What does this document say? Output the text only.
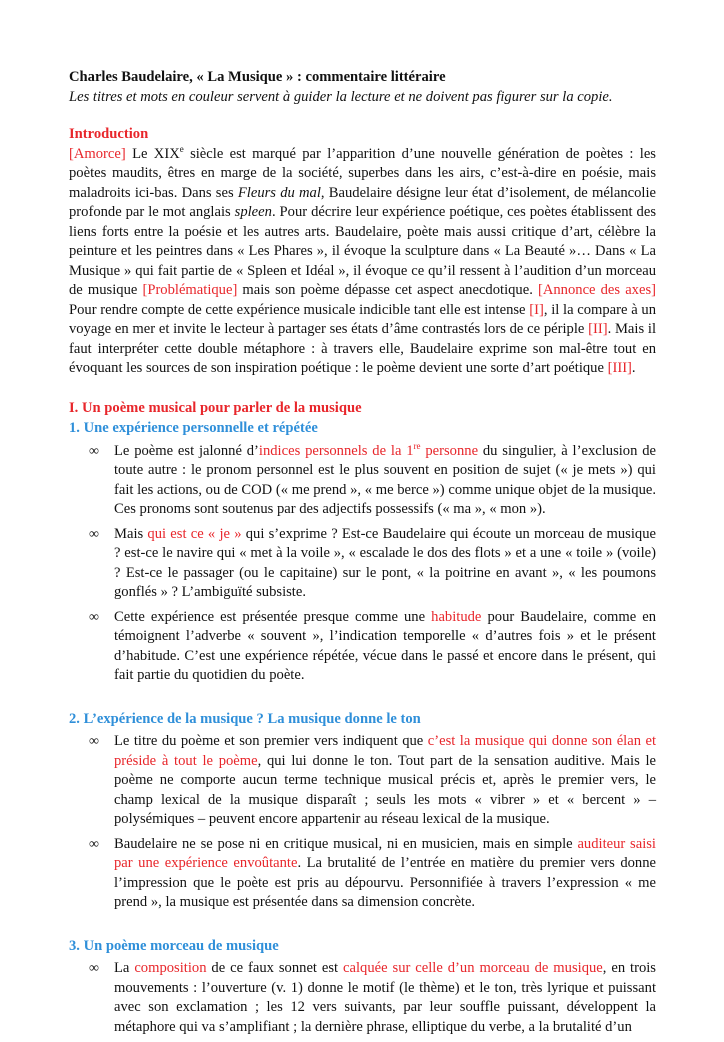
Charles Baudelaire, « La Musique » : commentaire littéraire
Les titres et mots en couleur servent à guider la lecture et ne doivent pas figurer sur la copie.
Introduction

[Amorce] Le XIXe siècle est marqué par l’apparition d’une nouvelle génération de poètes : les poètes maudits, êtres en marge de la société, superbes dans les airs, c’est-à-dire en poésie, mais maladroits ici-bas. Dans ses Fleurs du mal, Baudelaire désigne leur état d’isolement, de mélancolie profonde par le mot anglais spleen. Pour décrire leur expérience poétique, ces poètes établissent des liens forts entre la poésie et les autres arts. Baudelaire, poète mais aussi critique d’art, célèbre la peinture et les peintres dans « Les Phares », il évoque la sculpture dans « La Beauté »… Dans « La Musique » qui fait partie de « Spleen et Idéal », il évoque ce qu’il ressent à l’audition d’un morceau de musique [Problématique] mais son poème dépasse cet aspect anecdotique. [Annonce des axes] Pour rendre compte de cette expérience musicale indicible tant elle est intense [I], il la compare à un voyage en mer et invite le lecteur à partager ses états d’âme contrastés lors de ce périple [II]. Mais il faut interpréter cette double métaphore : à travers elle, Baudelaire exprime son mal-être tout en évoquant les sources de son inspiration poétique : le poème devient une sorte d’art poétique [III].

I. Un poème musical pour parler de la musique
1. Une expérience personnelle et répétée
∞ Le poème est jalonné d’indices personnels de la 1re personne du singulier, à l’exclusion de toute autre : le pronom personnel est le plus souvent en position de sujet (« je mets ») qui fait les actions, ou de COD (« me prend », « me berce ») comme unique objet de la musique. Ces pronoms sont soutenus par des adjectifs possessifs (« ma », « mon »).
∞ Mais qui est ce « je » qui s’exprime ? Est-ce Baudelaire qui écoute un morceau de musique ? est-ce le navire qui « met à la voile », « escalade le dos des flots » et a une « toile » (voile) ? Est-ce le passager (ou le capitaine) sur le pont, « la poitrine en avant », « les poumons gonflés » ? L’ambiguïté subsiste.
∞ Cette expérience est présentée presque comme une habitude pour Baudelaire, comme en témoignent l’adverbe « souvent », l’indication temporelle « d’autres fois » et le présent d’habitude. C’est une expérience répétée, vécue dans le passé et encore dans le présent, qui fait partie du quotidien du poète.
2. L’expérience de la musique ? La musique donne le ton
∞ Le titre du poème et son premier vers indiquent que c’est la musique qui donne son élan et préside à tout le poème, qui lui donne le ton. Tout part de la sensation auditive. Mais le poème ne comporte aucun terme technique musical précis et, après le premier vers, le champ lexical de la musique disparaît ; seuls les mots « vibrer » et « bercent » – polysémiques – peuvent encore appartenir au réseau lexical de la musique.
∞ Baudelaire ne se pose ni en critique musical, ni en musicien, mais en simple auditeur saisi par une expérience envoûtante. La brutalité de l’entrée en matière du premier vers donne l’impression que le poète est pris au dépourvu. Personnifiée à travers l’expression « me prend », la musique est présentée dans sa dimension concrète.
3. Un poème morceau de musique
∞ La composition de ce faux sonnet est calquée sur celle d’un morceau de musique, en trois mouvements : l’ouverture (v. 1) donne le motif (le thème) et le ton, très lyrique et puissant avec son exclamation ; les 12 vers suivants, par leur souffle puissant, développent la métaphore qui va s’amplifiant ; la dernière phrase, elliptique du verbe, a la brutalité d’un
